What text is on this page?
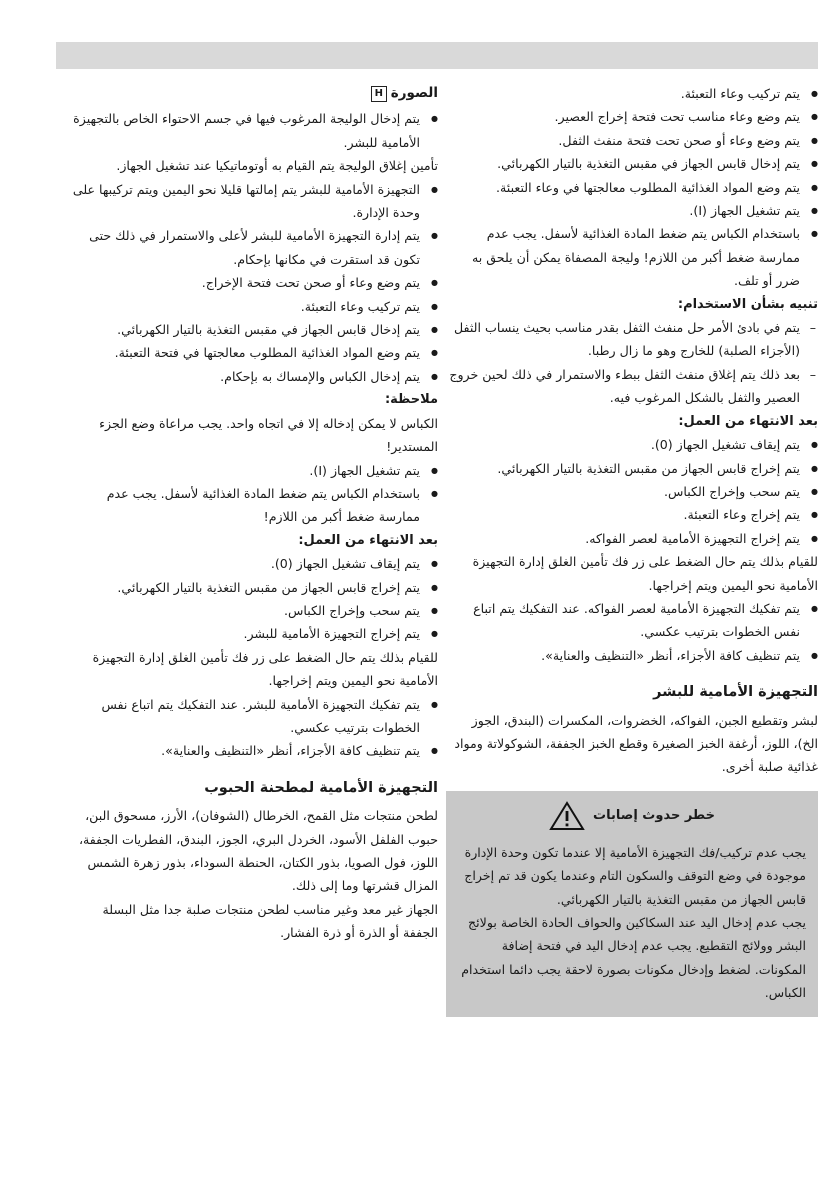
● يتم تركيب وعاء التعبئة.
● يتم وضع وعاء مناسب تحت فتحة إخراج العصير.
● يتم وضع وعاء أو صحن تحت فتحة منفث الثفل.
● يتم إدخال قابس الجهاز في مقبس التغذية بالتيار الكهربائي.
● يتم وضع المواد الغذائية المطلوب معالجتها في وعاء التعبئة.
● يتم تشغيل الجهاز (I).
● باستخدام الكباس يتم ضغط المادة الغذائية لأسفل. يجب عدم ممارسة ضغط أكبر من اللازم! وليجة المصفاة يمكن أن يلحق به ضرر أو تلف.
تنبيه بشأن الاستخدام:
– يتم في بادئ الأمر حل منفث الثفل بقدر مناسب بحيث ينساب الثفل (الأجزاء الصلبة) للخارج وهو ما زال رطبا.
– بعد ذلك يتم إغلاق منفث الثفل ببطء والاستمرار في ذلك لحين خروج العصير والثفل بالشكل المرغوب فيه.
بعد الانتهاء من العمل:
● يتم إيقاف تشغيل الجهاز (0).
● يتم إخراج قابس الجهاز من مقبس التغذية بالتيار الكهربائي.
● يتم سحب وإخراج الكباس.
● يتم إخراج وعاء التعبئة.
● يتم إخراج التجهيزة الأمامية لعصر الفواكه.

للقيام بذلك يتم حال الضغط على زر فك تأمين الغلق إدارة التجهيزة الأمامية نحو اليمين ويتم إخراجها.

● يتم تفكيك التجهيزة الأمامية لعصر الفواكه. عند التفكيك يتم اتباع نفس الخطوات بترتيب عكسي.
● يتم تنظيف كافة الأجزاء، أنظر «التنظيف والعناية».
التجهيزة الأمامية للبشر

لبشر وتقطيع الجبن، الفواكه، الخضروات، المكسرات (البندق، الجوز الخ)، اللوز، أرغفة الخبز الصغيرة وقطع الخبز الجففة، الشوكولاتة ومواد غذائية صلبة أخرى.

خطر حدوث إصابات

يجب عدم تركيب/فك التجهيزة الأمامية إلا عندما تكون وحدة الإدارة موجودة في وضع التوقف والسكون التام وعندما يكون قد تم إخراج قابس الجهاز من مقبس التغذية بالتيار الكهربائي.

يجب عدم إدخال اليد عند السكاكين والحواف الحادة الخاصة بولائج البشر وولائج التقطيع. يجب عدم إدخال اليد في فتحة إضافة المكونات. لضغط وإدخال مكونات بصورة لاحقة يجب دائما استخدام الكباس.

الصورة
H
● يتم إدخال الوليجة المرغوب فيها في جسم الاحتواء الخاص بالتجهيزة الأمامية للبشر.

تأمين إغلاق الوليجة يتم القيام به أوتوماتيكيا عند تشغيل الجهاز.

● التجهيزة الأمامية للبشر يتم إمالتها قليلا نحو اليمين ويتم تركيبها على وحدة الإدارة.
● يتم إدارة التجهيزة الأمامية للبشر لأعلى والاستمرار في ذلك حتى تكون قد استقرت في مكانها بإحكام.
● يتم وضع وعاء أو صحن تحت فتحة الإخراج.
● يتم تركيب وعاء التعبئة.
● يتم إدخال قابس الجهاز في مقبس التغذية بالتيار الكهربائي.
● يتم وضع المواد الغذائية المطلوب معالجتها في فتحة التعبئة.
● يتم إدخال الكباس والإمساك به بإحكام.
ملاحظة:

الكباس لا يمكن إدخاله إلا في اتجاه واحد. يجب مراعاة وضع الجزء المستدير!

● يتم تشغيل الجهاز (I).
● باستخدام الكباس يتم ضغط المادة الغذائية لأسفل. يجب عدم ممارسة ضغط أكبر من اللازم!
بعد الانتهاء من العمل:
● يتم إيقاف تشغيل الجهاز (0).
● يتم إخراج قابس الجهاز من مقبس التغذية بالتيار الكهربائي.
● يتم سحب وإخراج الكباس.
● يتم إخراج التجهيزة الأمامية للبشر.

للقيام بذلك يتم حال الضغط على زر فك تأمين الغلق إدارة التجهيزة الأمامية نحو اليمين ويتم إخراجها.

● يتم تفكيك التجهيزة الأمامية للبشر. عند التفكيك يتم اتباع نفس الخطوات بترتيب عكسي.
● يتم تنظيف كافة الأجزاء، أنظر «التنظيف والعناية».
التجهيزة الأمامية لمطحنة الحبوب

لطحن منتجات مثل القمح، الخرطال (الشوفان)، الأرز، مسحوق البن، حبوب الفلفل الأسود، الخردل البري، الجوز، البندق، الفطريات الجففة، اللوز، فول الصويا، بذور الكتان، الحنطة السوداء، بذور زهرة الشمس المزال قشرتها وما إلى ذلك.

الجهاز غير معد وغير مناسب لطحن منتجات صلبة جدا مثل البسلة الجففة أو الذرة أو ذرة الفشار.
